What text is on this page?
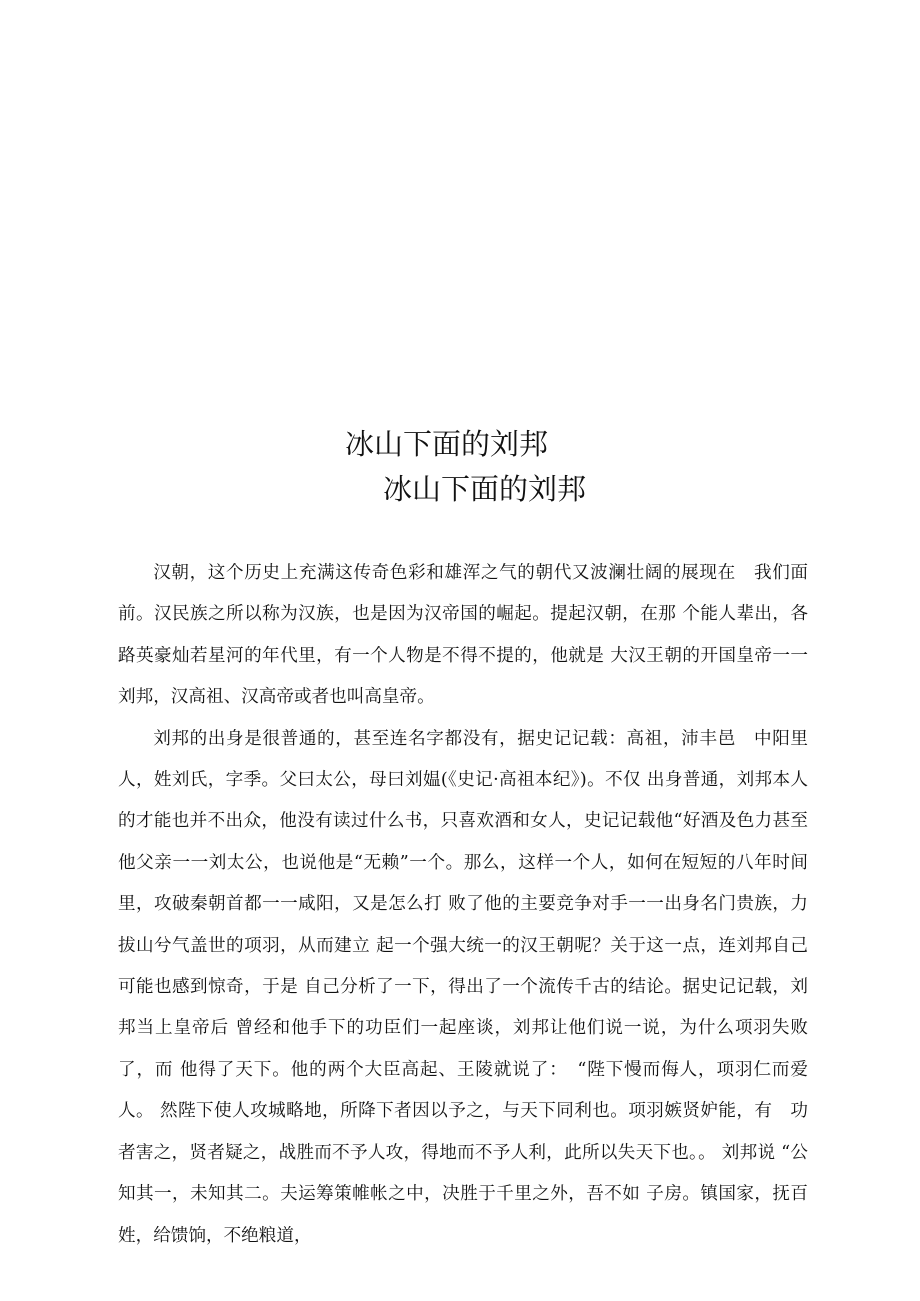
冰山下面的刘邦
冰山下面的刘邦

汉朝，这个历史上充满这传奇色彩和雄浑之气的朝代又波澜壮阔的展现在　我们面前。汉民族之所以称为汉族，也是因为汉帝国的崛起。提起汉朝，在那 个能人辈出，各路英豪灿若星河的年代里，有一个人物是不得不提的，他就是 大汉王朝的开国皇帝一一刘邦，汉高祖、汉高帝或者也叫高皇帝。

刘邦的出身是很普通的，甚至连名字都没有，据史记记载：高祖，沛丰邑　中阳里人，姓刘氏，字季。父曰太公，母曰刘媪(《史记·高祖本纪》)。不仅 出身普通，刘邦本人的才能也并不出众，他没有读过什么书，只喜欢酒和女人，史记记载他“好酒及色力甚至他父亲一一刘太公，也说他是“无赖”一个。那么，这样一个人，如何在短短的八年时间里，攻破秦朝首都一一咸阳，又是怎么打 败了他的主要竞争对手一一出身名门贵族，力拔山兮气盖世的项羽，从而建立 起一个强大统一的汉王朝呢？关于这一点，连刘邦自己可能也感到惊奇，于是 自己分析了一下，得出了一个流传千古的结论。据史记记载，刘邦当上皇帝后 曾经和他手下的功臣们一起座谈，刘邦让他们说一说，为什么项羽失败了，而 他得了天下。他的两个大臣高起、王陵就说了：　“陛下慢而侮人，项羽仁而爱人。 然陛下使人攻城略地，所降下者因以予之，与天下同利也。项羽嫉贤妒能，有　功者害之，贤者疑之，战胜而不予人攻，得地而不予人利，此所以失天下也。。 刘邦说 “公知其一，未知其二。夫运筹策帷帐之中，决胜于千里之外，吾不如 子房。镇国家，抚百姓，给馈饷，不绝粮道，
